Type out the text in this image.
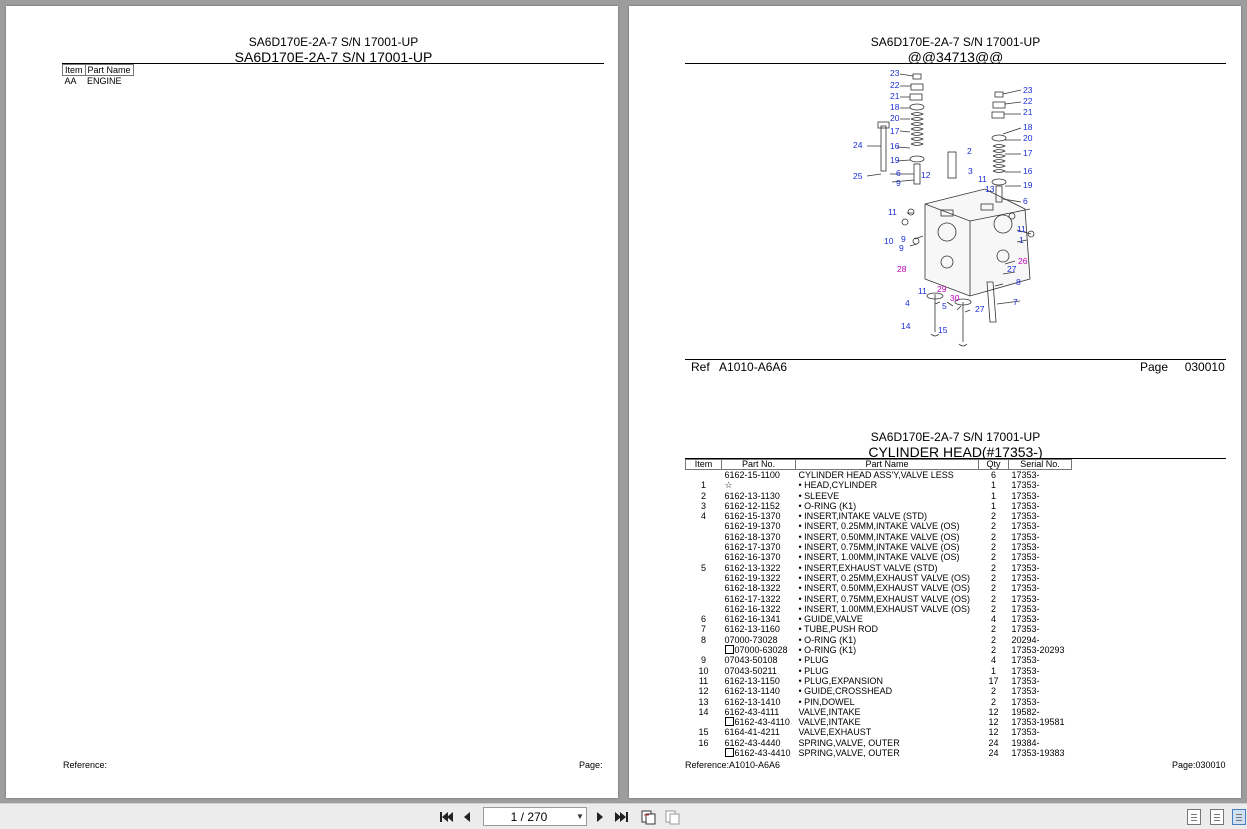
SA6D170E-2A-7 S/N 17001-UP
SA6D170E-2A-7 S/N 17001-UP
Item	Part Name
AA	ENGINE
Reference:	Page:
SA6D170E-2A-7 S/N 17001-UP
@@34713@@
23
22
21
18
20
17
16
19
6
9
12
2
3
11
13
24
25
11
10 9
9
11
4	5
14	15
23
22
21
18
20
17
16
19
6
11
1
27
8
7
27
28
29
30
26
Ref A1010-A6A6	Page 030010
SA6D170E-2A-7 S/N 17001-UP
CYLINDER HEAD(#17353-)
Item	Part No.	Part Name	Qty	Serial No.
	6162-15-1100	CYLINDER HEAD ASS'Y,VALVE LESS	6	17353-
1	☆	• HEAD,CYLINDER	1	17353-
2	6162-13-1130	• SLEEVE	1	17353-
3	6162-12-1152	• O-RING (K1)	1	17353-
4	6162-15-1370	• INSERT,INTAKE VALVE (STD)	2	17353-
	6162-19-1370	• INSERT, 0.25MM,INTAKE VALVE (OS)	2	17353-
	6162-18-1370	• INSERT, 0.50MM,INTAKE VALVE (OS)	2	17353-
	6162-17-1370	• INSERT, 0.75MM,INTAKE VALVE (OS)	2	17353-
	6162-16-1370	• INSERT, 1.00MM,INTAKE VALVE (OS)	2	17353-
5	6162-13-1322	• INSERT,EXHAUST VALVE (STD)	2	17353-
	6162-19-1322	• INSERT, 0.25MM,EXHAUST VALVE (OS)	2	17353-
	6162-18-1322	• INSERT, 0.50MM,EXHAUST VALVE (OS)	2	17353-
	6162-17-1322	• INSERT, 0.75MM,EXHAUST VALVE (OS)	2	17353-
	6162-16-1322	• INSERT, 1.00MM,EXHAUST VALVE (OS)	2	17353-
6	6162-16-1341	• GUIDE,VALVE	4	17353-
7	6162-13-1160	• TUBE,PUSH ROD	2	17353-
8	07000-73028	• O-RING (K1)	2	20294-
	07000-63028	• O-RING (K1)	2	17353-20293
9	07043-50108	• PLUG	4	17353-
10	07043-50211	• PLUG	1	17353-
11	6162-13-1150	• PLUG,EXPANSION	17	17353-
12	6162-13-1140	• GUIDE,CROSSHEAD	2	17353-
13	6162-13-1410	• PIN,DOWEL	2	17353-
14	6162-43-4111	VALVE,INTAKE	12	19582-
	6162-43-4110	VALVE,INTAKE	12	17353-19581
15	6164-41-4211	VALVE,EXHAUST	12	17353-
16	6162-43-4440	SPRING,VALVE, OUTER	24	19384-
	6162-43-4410	SPRING,VALVE, OUTER	24	17353-19383
Reference:A1010-A6A6	Page:030010
1 / 270	▼
